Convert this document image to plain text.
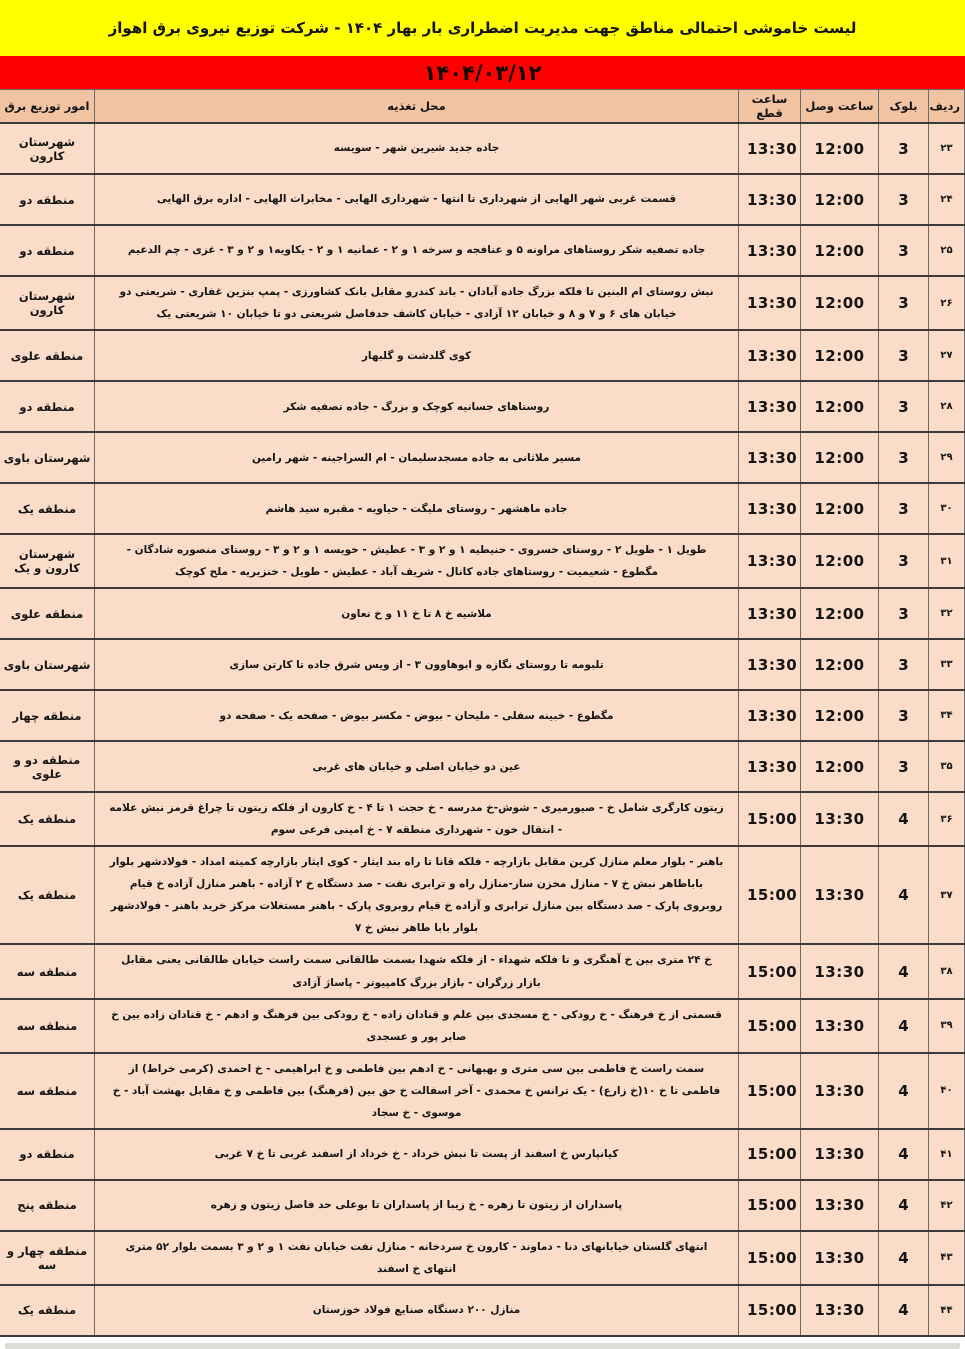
لیست خاموشی احتمالی مناطق جهت مدیریت اضطراری بار بهار ۱۴۰۴ - شرکت توزیع نیروی برق اهواز
۱۴۰۴/۰۳/۱۲
ردیف	بلوک	ساعت وصل	ساعت قطع	محل تغذیه	امور توزیع برق
۲۳	3	12:00	13:30	جاده جدید شیرین شهر - سویسه	شهرستان کارون
۲۴	3	12:00	13:30	قسمت غربی شهر الهایی از شهرداری تا انتها - شهرداری الهایی - مخابرات الهایی - اداره برق الهایی	منطقه دو
۲۵	3	12:00	13:30	جاده تصفیه شکر روستاهای مراونه ۵ و عنافجه و سرخه ۱ و ۲ - عمانیه ۱ و ۲ - یکاویه۱ و ۲ و ۳ - غزی - چم الدعیم	منطقه دو
۲۶	3	12:00	13:30	نبش روستای ام البنین تا فلکه بزرگ جاده آبادان - باند کندرو مقابل بانک کشاورزی - پمپ بنزین غفاری - شریعتی دو خیابان های ۶ و ۷ و ۸ و خیابان ۱۲ آزادی - خیابان کاشف حدفاصل شریعتی دو تا خیابان ۱۰ شریعتی یک	شهرستان کارون
۲۷	3	12:00	13:30	کوی گلدشت و گلبهار	منطقه علوی
۲۸	3	12:00	13:30	روستاهای جسانیه کوچک و بزرگ - جاده تصفیه شکر	منطقه دو
۲۹	3	12:00	13:30	مسیر ملاثانی به جاده مسجدسلیمان - ام السراجینه - شهر رامین	شهرستان باوی
۳۰	3	12:00	13:30	جاده ماهشهر - روستای ملیگت - حیاویه - مقبره سید هاشم	منطقه یک
۳۱	3	12:00	13:30	طویل ۱ - طویل ۲ - روستای خسروی - حنیطیه ۱ و ۲ و ۳ - عطیش - خویسه ۱ و ۲ و ۳ - روستای منصوره شادگان - مگطوع - شعیمیت - روستاهای جاده کانال - شریف آباد - عطیش - طویل - خنزیریه - ملح کوچک	شهرستان کارون و یک
۳۲	3	12:00	13:30	ملاشیه خ ۸ تا خ ۱۱ و خ تعاون	منطقه علوی
۳۳	3	12:00	13:30	تلبومه تا روستای نگازه و ابوهاوون ۳ - از ویس شرق جاده تا کارتن سازی	شهرستان باوی
۳۴	3	12:00	13:30	مگطوع - خبینه سفلی - ملیحان - بیوض - مکسر بیوض - صفحه یک - صفحه دو	منطقه چهار
۳۵	3	12:00	13:30	عین دو خیابان اصلی و خیابان های غربی	منطقه دو و علوی
۳۶	4	13:30	15:00	زیتون کارگری شامل خ - صیورمیری - شوش-خ مدرسه - خ حجت ۱ تا ۴ - خ کارون از فلکه زیتون تا چراغ قرمز نبش علامه - انتقال خون - شهرداری منطقه ۷ - خ امینی فرعی سوم	منطقه یک
۳۷	4	13:30	15:00	باهنر - بلوار معلم منازل کرین مقابل بازارچه - فلکه قانا تا راه بند ایثار - کوی ایثار بازارچه کمیته امداد - فولادشهر بلوار باباطاهر نبش خ ۷ - منازل مخزن ساز-منازل راه و ترابری نفت - صد دستگاه خ ۲ آزاده - باهنر منازل آزاده خ قیام روبروی پارک - صد دستگاه بین منازل ترابری و آزاده خ قیام روبروی پارک - باهنر مستغلات مرکز خرید باهنر - فولادشهر بلوار بابا طاهر نبش خ ۷	منطقه یک
۳۸	4	13:30	15:00	خ ۲۴ متری بین خ آهنگری و تا فلکه شهداء - از فلکه شهدا بسمت طالقانی سمت راست خیابان طالقانی یعنی مقابل بازار زرگران - بازار بزرگ کامپیوتر - پاساژ آزادی	منطقه سه
۳۹	4	13:30	15:00	قسمتی از خ فرهنگ - خ رودکی - خ مسجدی بین علم و قنادان زاده - خ رودکی بین فرهنگ و ادهم - خ قنادان زاده بین خ صابر پور و عسجدی	منطقه سه
۴۰	4	13:30	15:00	سمت راست خ فاطمی بین سی متری و بهبهانی - خ ادهم بین فاطمی و خ ابراهیمی - خ احمدی (کرمی خراط) از فاطمی تا خ ۱۰(خ زارع) - یک ترانس خ محمدی - آخر اسفالت خ حق بین (فرهنگ) بین فاطمی و خ مقابل بهشت آباد - خ موسوی - خ سجاد	منطقه سه
۴۱	4	13:30	15:00	کیانپارس خ اسفند از پست تا نبش خرداد - خ خرداد از اسفند غربی تا خ ۷ غربی	منطقه دو
۴۲	4	13:30	15:00	پاسداران از زیتون تا زهره - خ زیبا از پاسداران تا بوعلی حد فاصل زیتون و زهره	منطقه پنج
۴۳	4	13:30	15:00	انتهای گلستان خیابانهای دنا - دماوند - کارون خ سردخانه - منازل نفت خیابان نفت ۱ و ۲ و ۳ بسمت بلوار ۵۲ متری انتهای خ اسفند	منطقه چهار و سه
۴۴	4	13:30	15:00	منازل ۲۰۰ دستگاه صنایع فولاد خوزستان	منطقه یک
